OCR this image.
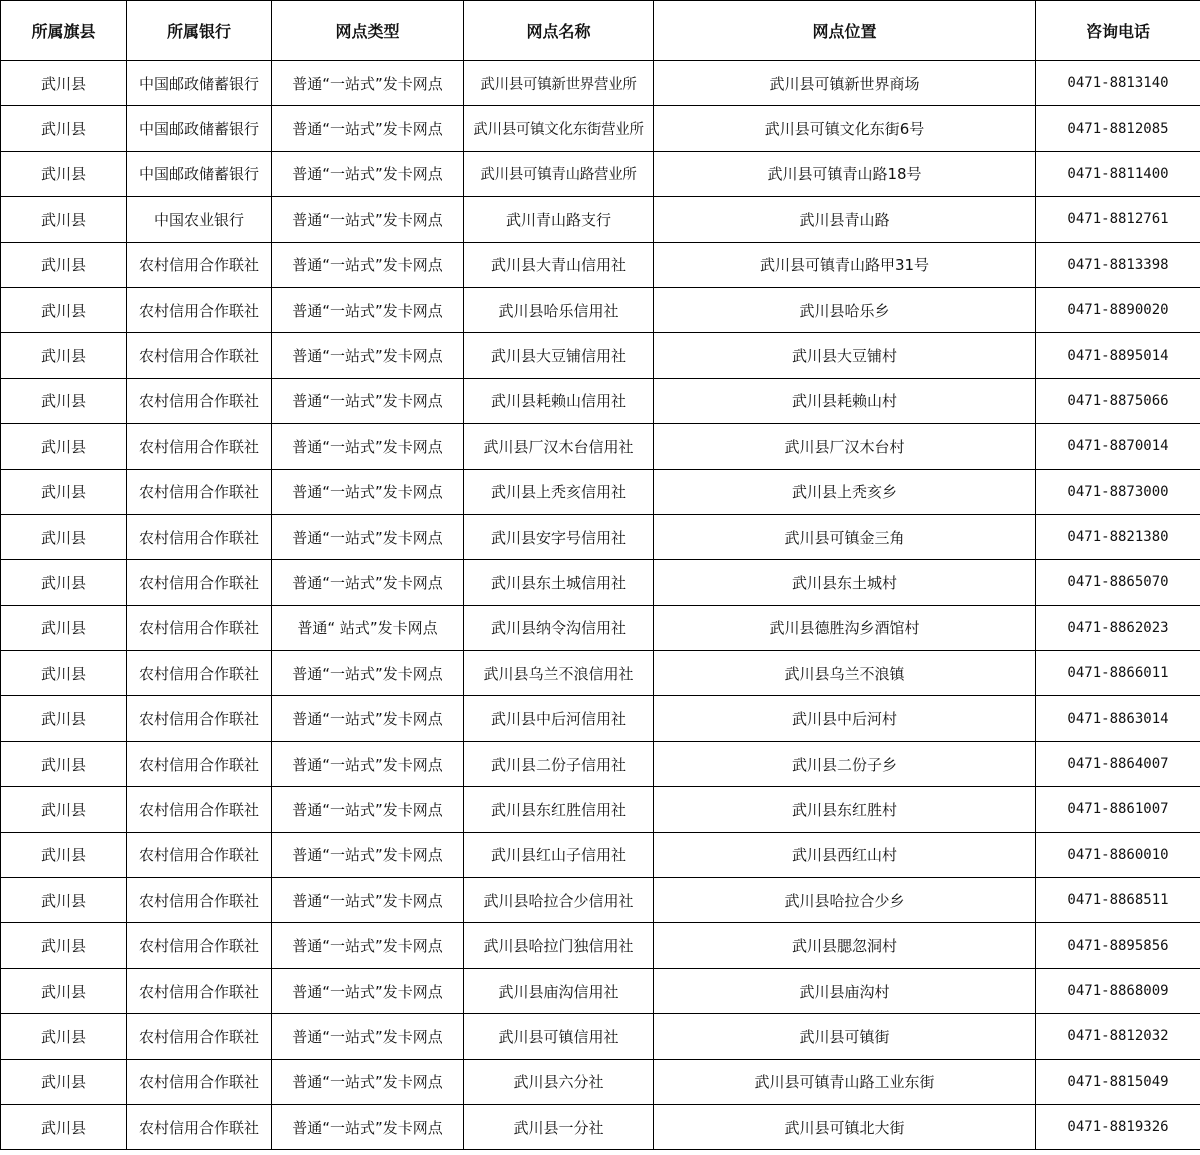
所属旗县	所属银行	网点类型	网点名称	网点位置	咨询电话
武川县	中国邮政储蓄银行	普通“一站式”发卡网点	武川县可镇新世界营业所	武川县可镇新世界商场	0471-8813140
武川县	中国邮政储蓄银行	普通“一站式”发卡网点	武川县可镇文化东街营业所	武川县可镇文化东街6号	0471-8812085
武川县	中国邮政储蓄银行	普通“一站式”发卡网点	武川县可镇青山路营业所	武川县可镇青山路18号	0471-8811400
武川县	中国农业银行	普通“一站式”发卡网点	武川青山路支行	武川县青山路	0471-8812761
武川县	农村信用合作联社	普通“一站式”发卡网点	武川县大青山信用社	武川县可镇青山路甲31号	0471-8813398
武川县	农村信用合作联社	普通“一站式”发卡网点	武川县哈乐信用社	武川县哈乐乡	0471-8890020
武川县	农村信用合作联社	普通“一站式”发卡网点	武川县大豆铺信用社	武川县大豆铺村	0471-8895014
武川县	农村信用合作联社	普通“一站式”发卡网点	武川县耗赖山信用社	武川县耗赖山村	0471-8875066
武川县	农村信用合作联社	普通“一站式”发卡网点	武川县厂汉木台信用社	武川县厂汉木台村	0471-8870014
武川县	农村信用合作联社	普通“一站式”发卡网点	武川县上秃亥信用社	武川县上秃亥乡	0471-8873000
武川县	农村信用合作联社	普通“一站式”发卡网点	武川县安字号信用社	武川县可镇金三角	0471-8821380
武川县	农村信用合作联社	普通“一站式”发卡网点	武川县东土城信用社	武川县东土城村	0471-8865070
武川县	农村信用合作联社	普通“ 站式”发卡网点	武川县纳令沟信用社	武川县德胜沟乡酒馆村	0471-8862023
武川县	农村信用合作联社	普通“一站式”发卡网点	武川县乌兰不浪信用社	武川县乌兰不浪镇	0471-8866011
武川县	农村信用合作联社	普通“一站式”发卡网点	武川县中后河信用社	武川县中后河村	0471-8863014
武川县	农村信用合作联社	普通“一站式”发卡网点	武川县二份子信用社	武川县二份子乡	0471-8864007
武川县	农村信用合作联社	普通“一站式”发卡网点	武川县东红胜信用社	武川县东红胜村	0471-8861007
武川县	农村信用合作联社	普通“一站式”发卡网点	武川县红山子信用社	武川县西红山村	0471-8860010
武川县	农村信用合作联社	普通“一站式”发卡网点	武川县哈拉合少信用社	武川县哈拉合少乡	0471-8868511
武川县	农村信用合作联社	普通“一站式”发卡网点	武川县哈拉门独信用社	武川县腮忽洞村	0471-8895856
武川县	农村信用合作联社	普通“一站式”发卡网点	武川县庙沟信用社	武川县庙沟村	0471-8868009
武川县	农村信用合作联社	普通“一站式”发卡网点	武川县可镇信用社	武川县可镇街	0471-8812032
武川县	农村信用合作联社	普通“一站式”发卡网点	武川县六分社	武川县可镇青山路工业东街	0471-8815049
武川县	农村信用合作联社	普通“一站式”发卡网点	武川县一分社	武川县可镇北大街	0471-8819326
